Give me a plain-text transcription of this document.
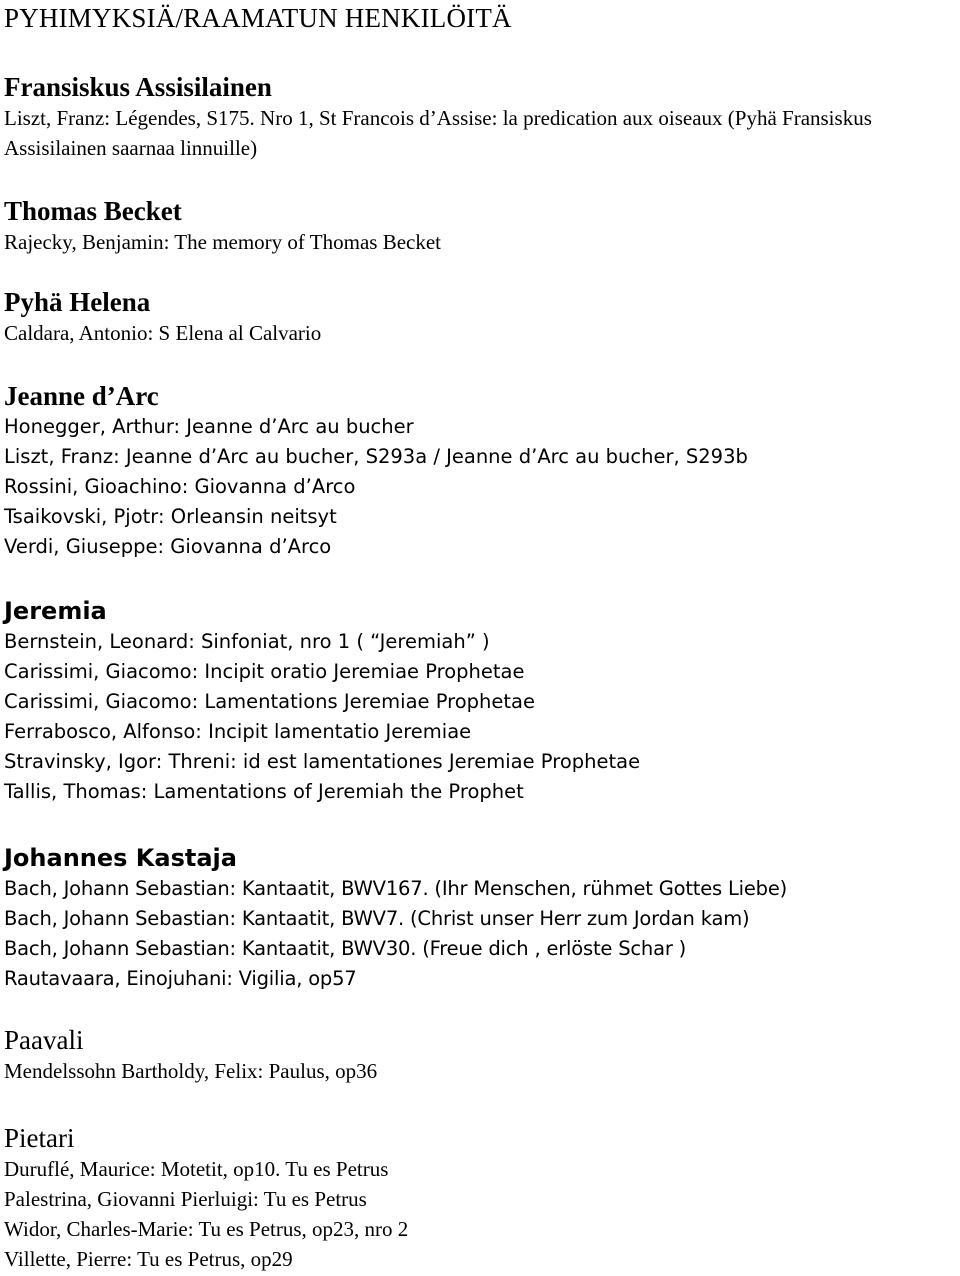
PYHIMYKSIÄ/RAAMATUN HENKILÖITÄ
Fransiskus Assisilainen
Liszt, Franz: Légendes, S175. Nro 1, St Francois d’Assise: la predication aux oiseaux (Pyhä Fransiskus Assisilainen saarnaa linnuille)
Thomas Becket
Rajecky, Benjamin: The memory of Thomas Becket
Pyhä Helena
Caldara, Antonio: S Elena al Calvario
Jeanne d’Arc
Honegger, Arthur: Jeanne d’Arc au bucher
Liszt, Franz: Jeanne d’Arc au bucher, S293a / Jeanne d’Arc au bucher, S293b
Rossini, Gioachino: Giovanna d’Arco
Tsaikovski, Pjotr: Orleansin neitsyt
Verdi, Giuseppe: Giovanna d’Arco
Jeremia
Bernstein, Leonard: Sinfoniat, nro 1 ( “Jeremiah” )
Carissimi, Giacomo: Incipit oratio Jeremiae Prophetae
Carissimi, Giacomo: Lamentations Jeremiae Prophetae
Ferrabosco, Alfonso: Incipit lamentatio Jeremiae
Stravinsky, Igor: Threni: id est lamentationes Jeremiae Prophetae
Tallis, Thomas: Lamentations of Jeremiah the Prophet
Johannes Kastaja
Bach, Johann Sebastian: Kantaatit, BWV167. (Ihr Menschen, rühmet Gottes Liebe)
Bach, Johann Sebastian: Kantaatit, BWV7. (Christ unser Herr zum Jordan kam)
Bach, Johann Sebastian: Kantaatit, BWV30. (Freue dich , erlöste Schar )
Rautavaara, Einojuhani: Vigilia, op57
Paavali
Mendelssohn Bartholdy, Felix: Paulus, op36
Pietari
Duruflé, Maurice: Motetit, op10. Tu es Petrus
Palestrina, Giovanni Pierluigi: Tu es Petrus
Widor, Charles-Marie: Tu es Petrus, op23, nro 2
Villette, Pierre: Tu es Petrus, op29
